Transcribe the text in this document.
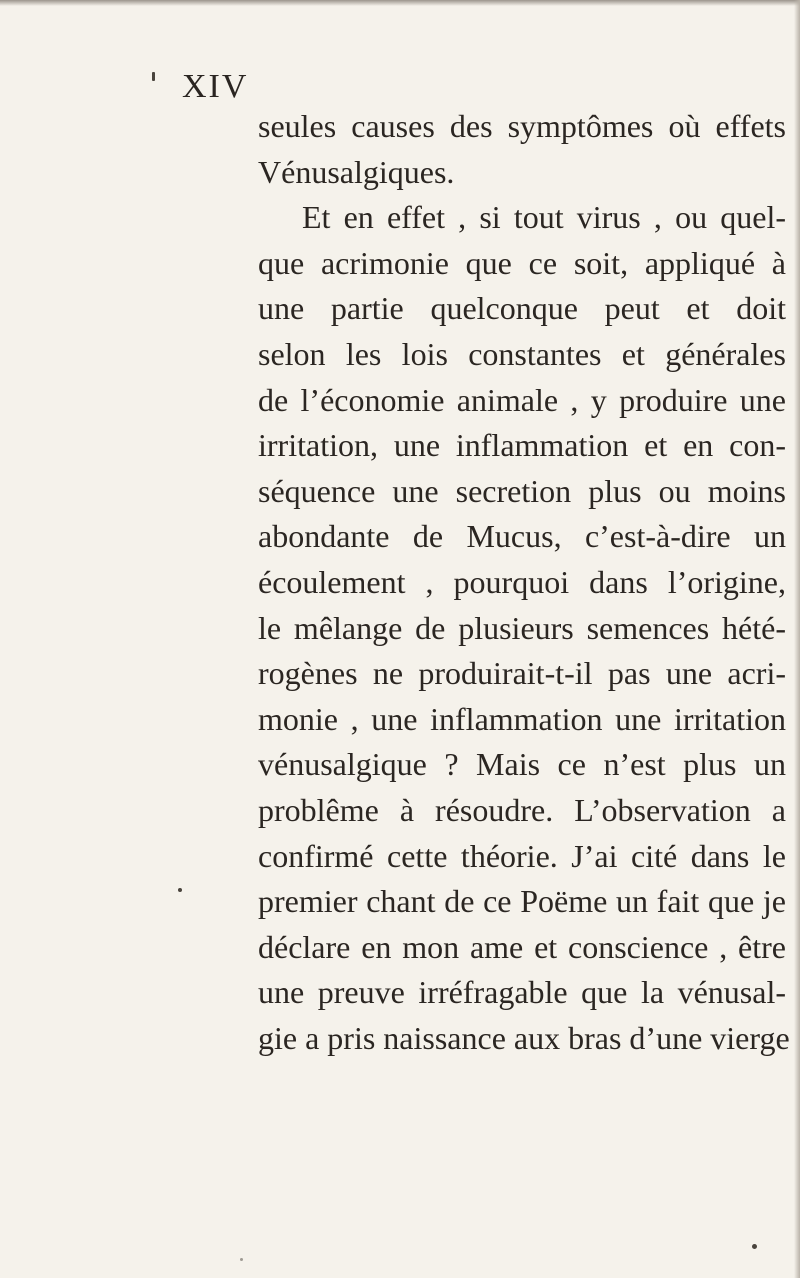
XIV
seules causes des symptômes où effets
Vénusalgiques.
Et en effet , si tout virus , ou quel-
que acrimonie que ce soit, appliqué à
une partie quelconque peut et doit
selon les lois constantes et générales
de l’économie animale , y produire une
irritation, une inflammation et en con-
séquence une secretion plus ou moins
abondante de Mucus, c’est-à-dire un
écoulement , pourquoi dans l’origine,
le mêlange de plusieurs semences hété-
rogènes ne produirait-t-il pas une acri-
monie , une inflammation une irritation
vénusalgique ? Mais ce n’est plus un
problême à résoudre. L’observation a
confirmé cette théorie. J’ai cité dans le
premier chant de ce Poëme un fait que je
déclare en mon ame et conscience , être
une preuve irréfragable que la vénusal-
gie a pris naissance aux bras d’une vierge
